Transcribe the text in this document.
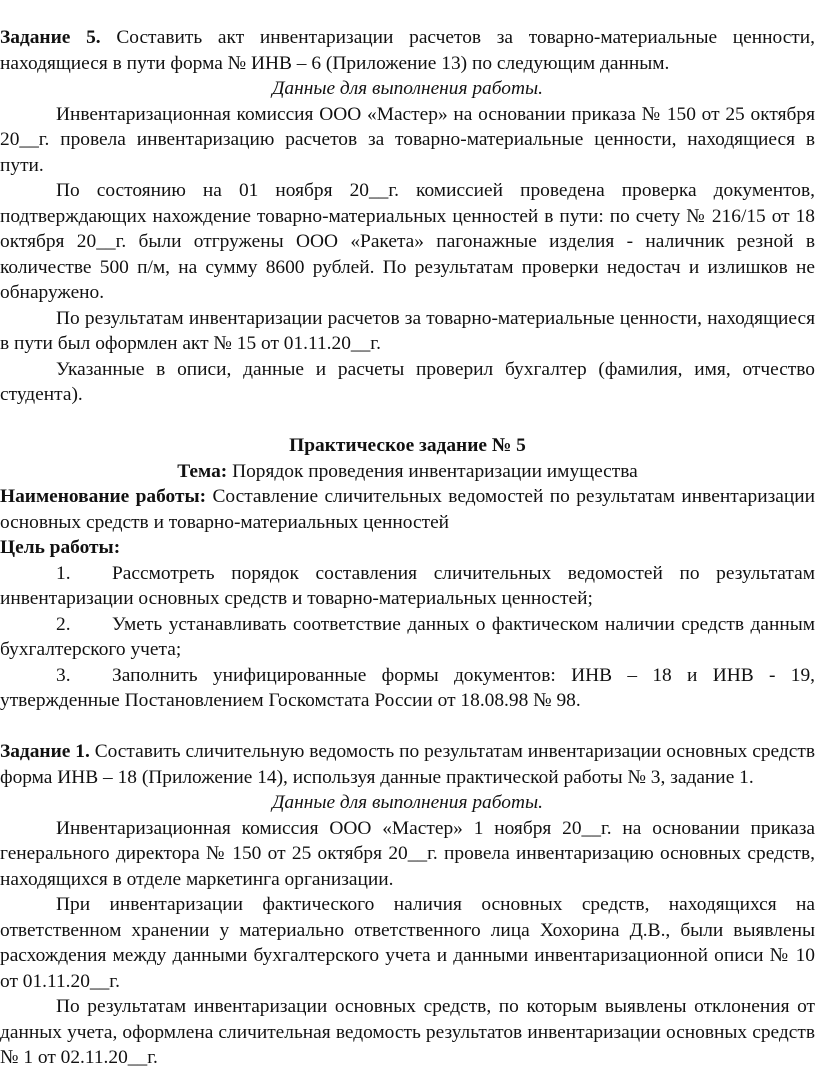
Задание 5. Составить акт инвентаризации расчетов за товарно-материальные ценности, находящиеся в пути форма № ИНВ – 6 (Приложение 13) по следующим данным.

Данные для выполнения работы.

Инвентаризационная комиссия ООО «Мастер» на основании приказа № 150 от 25 октября 20__г. провела инвентаризацию расчетов за товарно-материальные ценности, находящиеся в пути.

По состоянию на 01 ноября 20__г. комиссией проведена проверка документов, подтверждающих нахождение товарно-материальных ценностей в пути: по счету № 216/15 от 18 октября 20__г. были отгружены ООО «Ракета» пагонажные изделия - наличник резной в количестве 500 п/м, на сумму 8600 рублей. По результатам проверки недостач и излишков не обнаружено.

По результатам инвентаризации расчетов за товарно-материальные ценности, находящиеся в пути был оформлен акт № 15 от 01.11.20__г.

Указанные в описи, данные и расчеты проверил бухгалтер (фамилия, имя, отчество студента).

Практическое задание № 5

Тема: Порядок проведения инвентаризации имущества

Наименование работы: Составление сличительных ведомостей по результатам инвентаризации основных средств и товарно-материальных ценностей

Цель работы:

1. Рассмотреть порядок составления сличительных ведомостей по результатам инвентаризации основных средств и товарно-материальных ценностей;

2. Уметь устанавливать соответствие данных о фактическом наличии средств данным бухгалтерского учета;

3. Заполнить унифицированные формы документов: ИНВ – 18 и ИНВ - 19, утвержденные Постановлением Госкомстата России от 18.08.98 № 98.

Задание 1. Составить сличительную ведомость по результатам инвентаризации основных средств форма ИНВ – 18 (Приложение 14), используя данные практической работы № 3, задание 1.

Данные для выполнения работы.

Инвентаризационная комиссия ООО «Мастер» 1 ноября 20__г. на основании приказа генерального директора № 150 от 25 октября 20__г. провела инвентаризацию основных средств, находящихся в отделе маркетинга организации.

При инвентаризации фактического наличия основных средств, находящихся на ответственном хранении у материально ответственного лица Хохорина Д.В., были выявлены расхождения между данными бухгалтерского учета и данными инвентаризационной описи № 10 от 01.11.20__г.

По результатам инвентаризации основных средств, по которым выявлены отклонения от данных учета, оформлена сличительная ведомость результатов инвентаризации основных средств № 1 от 02.11.20__г.
